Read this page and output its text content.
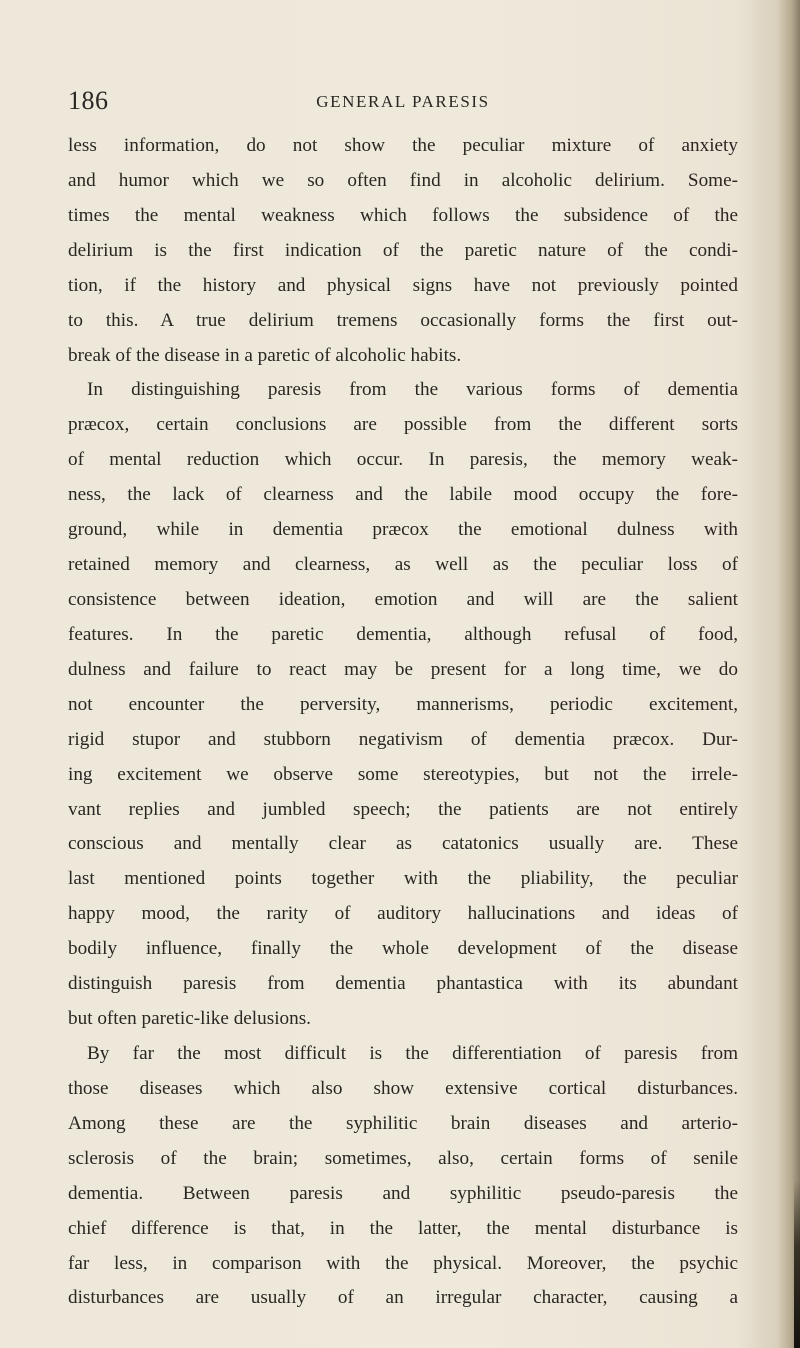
186	GENERAL PARESIS
less information, do not show the peculiar mixture of anxiety
and humor which we so often find in alcoholic delirium. Some-
times the mental weakness which follows the subsidence of the
delirium is the first indication of the paretic nature of the condi-
tion, if the history and physical signs have not previously pointed
to this. A true delirium tremens occasionally forms the first out-
break of the disease in a paretic of alcoholic habits.
In distinguishing paresis from the various forms of dementia
præcox, certain conclusions are possible from the different sorts
of mental reduction which occur. In paresis, the memory weak-
ness, the lack of clearness and the labile mood occupy the fore-
ground, while in dementia præcox the emotional dulness with
retained memory and clearness, as well as the peculiar loss of
consistence between ideation, emotion and will are the salient
features. In the paretic dementia, although refusal of food,
dulness and failure to react may be present for a long time, we do
not encounter the perversity, mannerisms, periodic excitement,
rigid stupor and stubborn negativism of dementia præcox. Dur-
ing excitement we observe some stereotypies, but not the irrele-
vant replies and jumbled speech; the patients are not entirely
conscious and mentally clear as catatonics usually are. These
last mentioned points together with the pliability, the peculiar
happy mood, the rarity of auditory hallucinations and ideas of
bodily influence, finally the whole development of the disease
distinguish paresis from dementia phantastica with its abundant
but often paretic-like delusions.
By far the most difficult is the differentiation of paresis from
those diseases which also show extensive cortical disturbances.
Among these are the syphilitic brain diseases and arterio-
sclerosis of the brain; sometimes, also, certain forms of senile
dementia. Between paresis and syphilitic pseudo-paresis the
chief difference is that, in the latter, the mental disturbance is
far less, in comparison with the physical. Moreover, the psychic
disturbances are usually of an irregular character, causing a
